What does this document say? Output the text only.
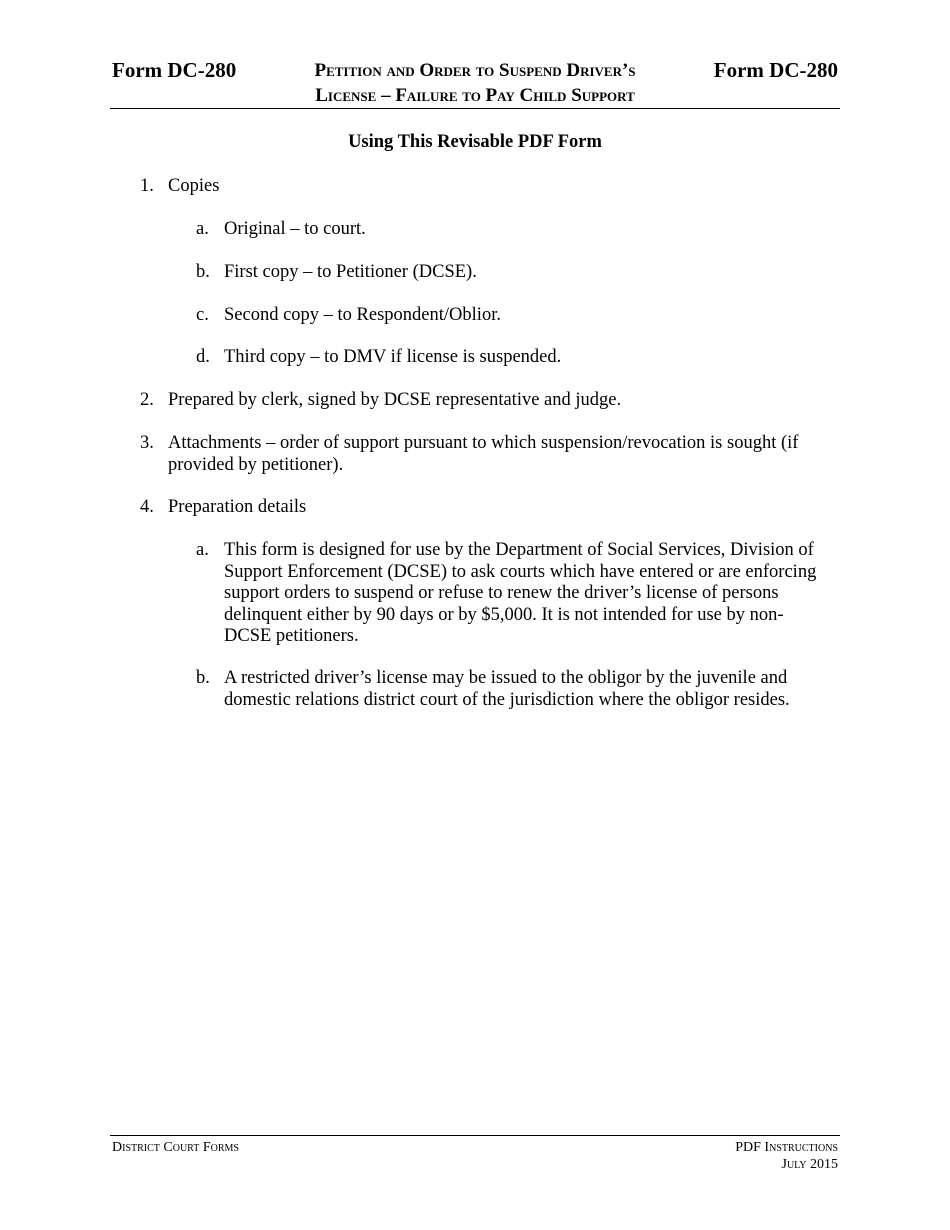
Form DC-280	Petition and Order to Suspend Driver’s
License – Failure to Pay Child Support
Form DC-280
Using This Revisable PDF Form
1. Copies
a. Original – to court.
b. First copy – to Petitioner (DCSE).
c. Second copy – to Respondent/Oblior.
d. Third copy – to DMV if license is suspended.
2. Prepared by clerk, signed by DCSE representative and judge.
3. Attachments – order of support pursuant to which suspension/revocation is sought (if provided by petitioner).
4. Preparation details
a. This form is designed for use by the Department of Social Services, Division of Support Enforcement (DCSE) to ask courts which have entered or are enforcing support orders to suspend or refuse to renew the driver’s license of persons delinquent either by 90 days or by $5,000. It is not intended for use by non-DCSE petitioners.
b. A restricted driver’s license may be issued to the obligor by the juvenile and domestic relations district court of the jurisdiction where the obligor resides.
District Court Forms	PDF Instructions
July 2015
